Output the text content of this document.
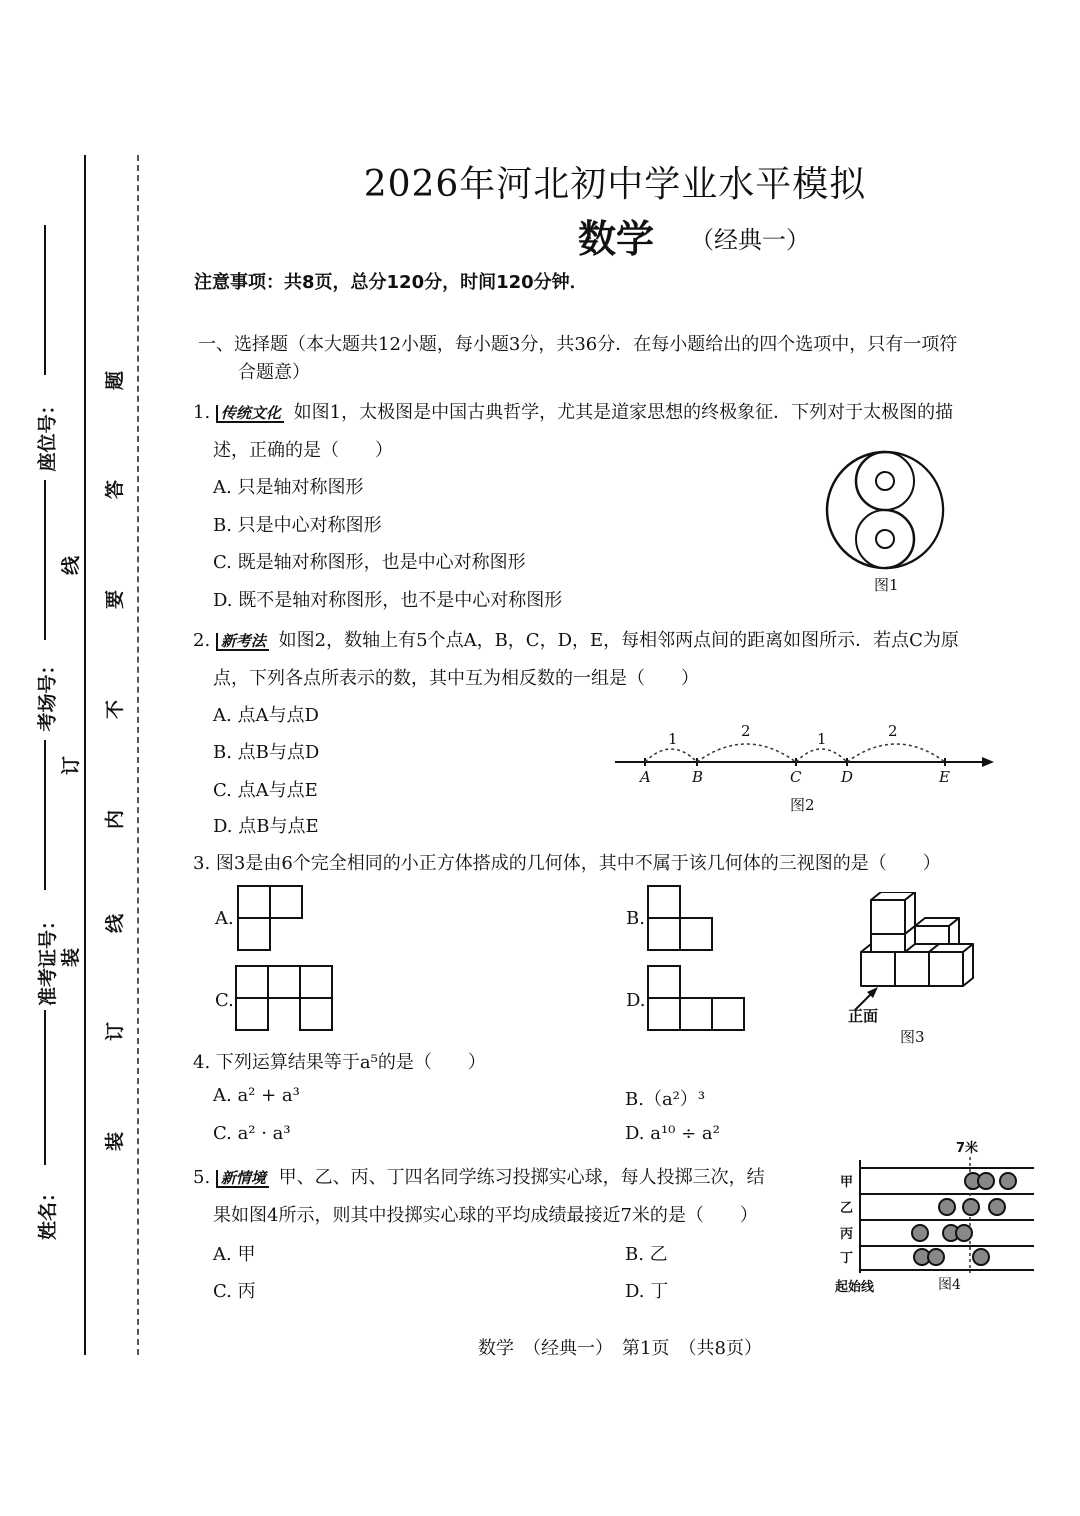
座位号：
考场号：
准考证号：
姓名：
题
答
要
不
内
线
订
装
线
订
装
2026年河北初中学业水平模拟
数学 （经典一）
注意事项：共8页，总分120分，时间120分钟．
一、选择题（本大题共12小题，每小题3分，共36分．在每小题给出的四个选项中，只有一项符
合题意）
1. 传统文化 如图1，太极图是中国古典哲学，尤其是道家思想的终极象征．下列对于太极图的描
述，正确的是（　　）
A. 只是轴对称图形
B. 只是中心对称图形
C. 既是轴对称图形，也是中心对称图形
D. 既不是轴对称图形，也不是中心对称图形
图1
2. 新考法 如图2，数轴上有5个点A，B，C，D，E，每相邻两点间的距离如图所示．若点C为原
点，下列各点所表示的数，其中互为相反数的一组是（　　）
A. 点A与点D
B. 点B与点D
C. 点A与点E
D. 点B与点E
1	2	1	2
A	B	C	D	E
图2
3. 图3是由6个完全相同的小正方体搭成的几何体，其中不属于该几何体的三视图的是（　　）
A.	B.
C.	D.
正面
图3
4. 下列运算结果等于a⁵的是（　　）
A. a² + a³	B.（a²）³
C. a² · a³	D. a¹⁰ ÷ a²
5. 新情境 甲、乙、丙、丁四名同学练习投掷实心球，每人投掷三次，结
果如图4所示，则其中投掷实心球的平均成绩最接近7米的是（　　）
A. 甲	B. 乙
C. 丙	D. 丁
甲
乙
丙
丁
7米
起始线	图4
数学　（经典一）　第1页　（共8页）
